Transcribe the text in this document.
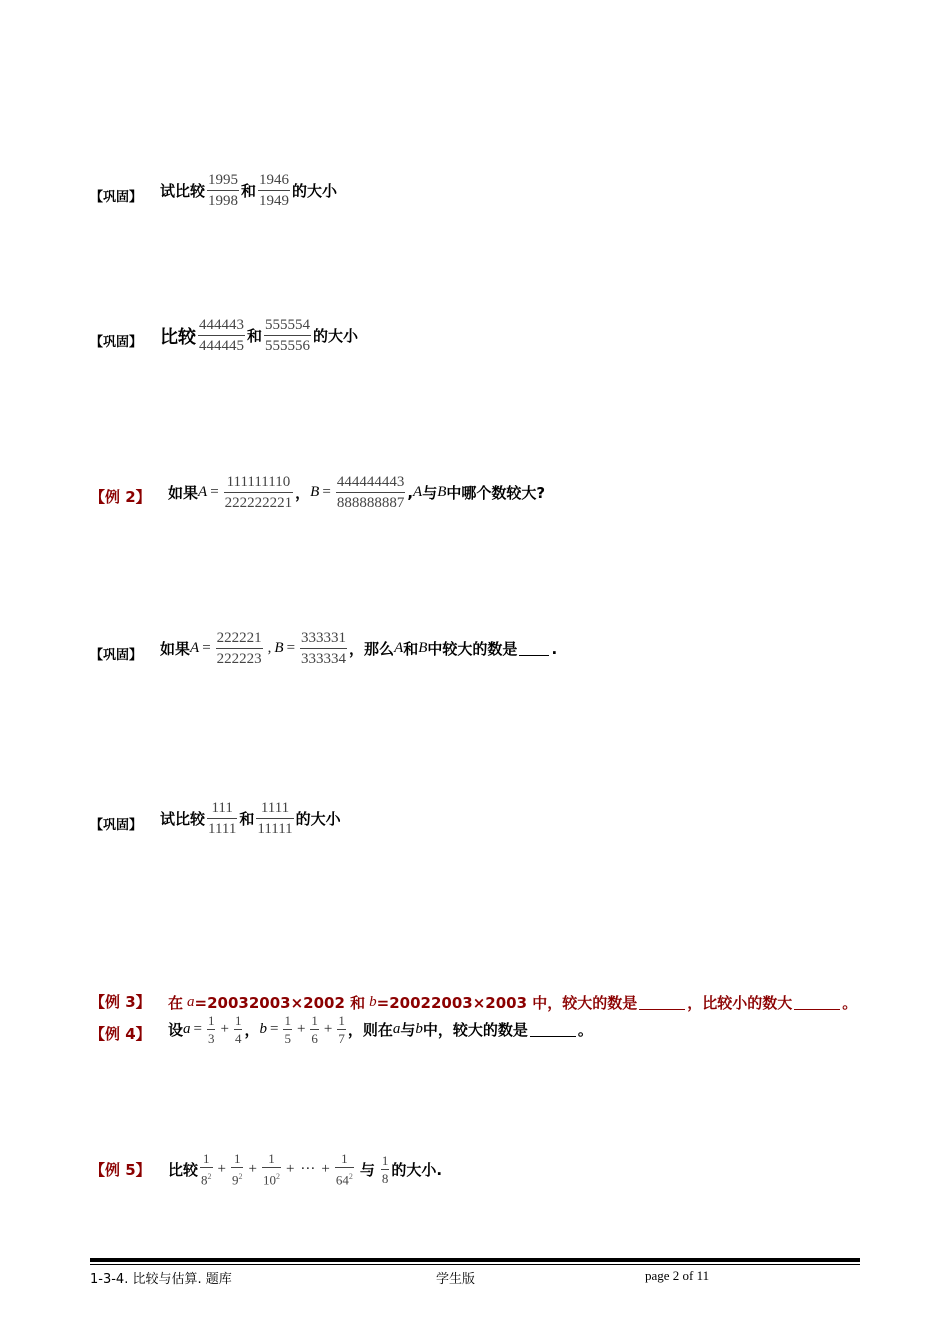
【巩固】 试比较 $\frac{1995}{1998}$ 和 $\frac{1946}{1949}$ 的大小
【巩固】 比较 $\frac{444443}{444445}$ 和 $\frac{555554}{555556}$ 的大小
【例 2】 如果 $A = \frac{111111110}{222222221}$ ， $B = \frac{444444443}{888888887}$ , A 与 B 中哪个数较大?
【巩固】 如果 $A = \frac{222221}{222223}$ , $B = \frac{333331}{333334}$ ，那么 A 和 B 中较大的数是 .
【巩固】 试比较 $\frac{111}{1111}$ 和 $\frac{1111}{11111}$ 的大小
【例 3】 在 a =20032003×2002 和 b =20022003×2003 中，较大的数是	，比较小的数大	。
【例 4】 设 $a = \frac{1}{3} + \frac{1}{4}$ ， $b = \frac{1}{5} + \frac{1}{6} + \frac{1}{7}$ ，则在 a 与 b 中，较大的数是	。
【例 5】 比较 $\frac{1}{8^2} + \frac{1}{9^2} + \frac{1}{10^2}$ + ··· + $\frac{1}{64^2}$ 与 $\frac{1}{8}$ 的大小.
1-3-4. 比较与估算. 题库	学生版	page 2 of 11
